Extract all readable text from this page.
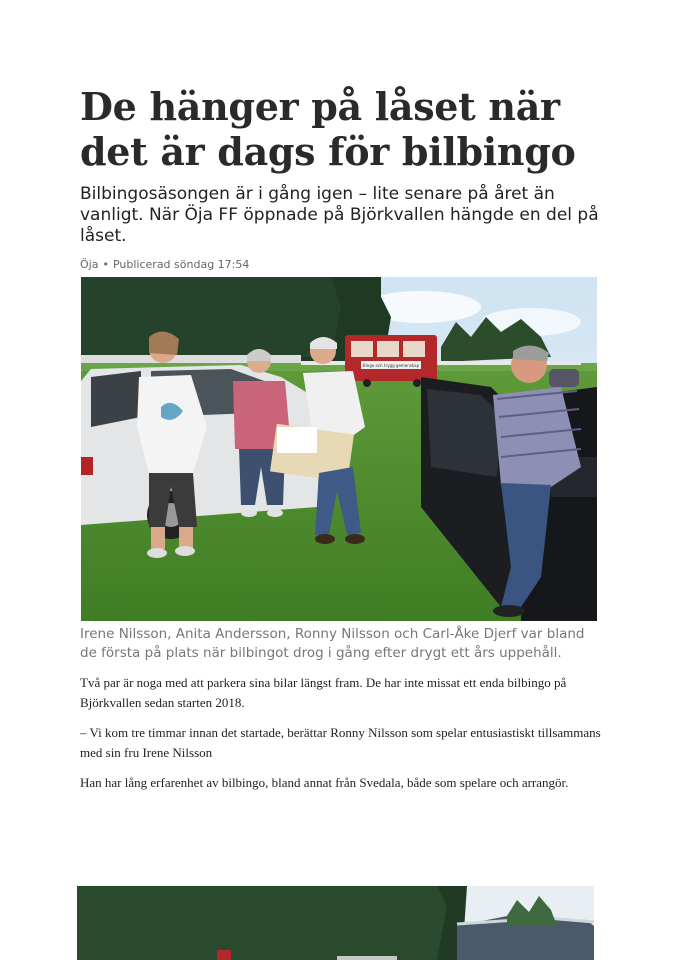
De hänger på låset när det är dags för bilbingo

Bilbingosäsongen är i gång igen – lite senare på året än vanligt. När Öja FF öppnade på Björkvallen hängde en del på låset.

Öja • Publicerad söndag 17:54

Bingo och trygg gemenskap

Irene Nilsson, Anita Andersson, Ronny Nilsson och Carl-Åke Djerf var bland de första på plats när bilbingot drog i gång efter drygt ett års uppehåll.

Två par är noga med att parkera sina bilar längst fram. De har inte missat ett enda bilbingo på Björkvallen sedan starten 2018.

– Vi kom tre timmar innan det startade, berättar Ronny Nilsson som spelar entusiastiskt tillsammans med sin fru Irene Nilsson

Han har lång erfarenhet av bilbingo, bland annat från Svedala, både som spelare och arrangör.
